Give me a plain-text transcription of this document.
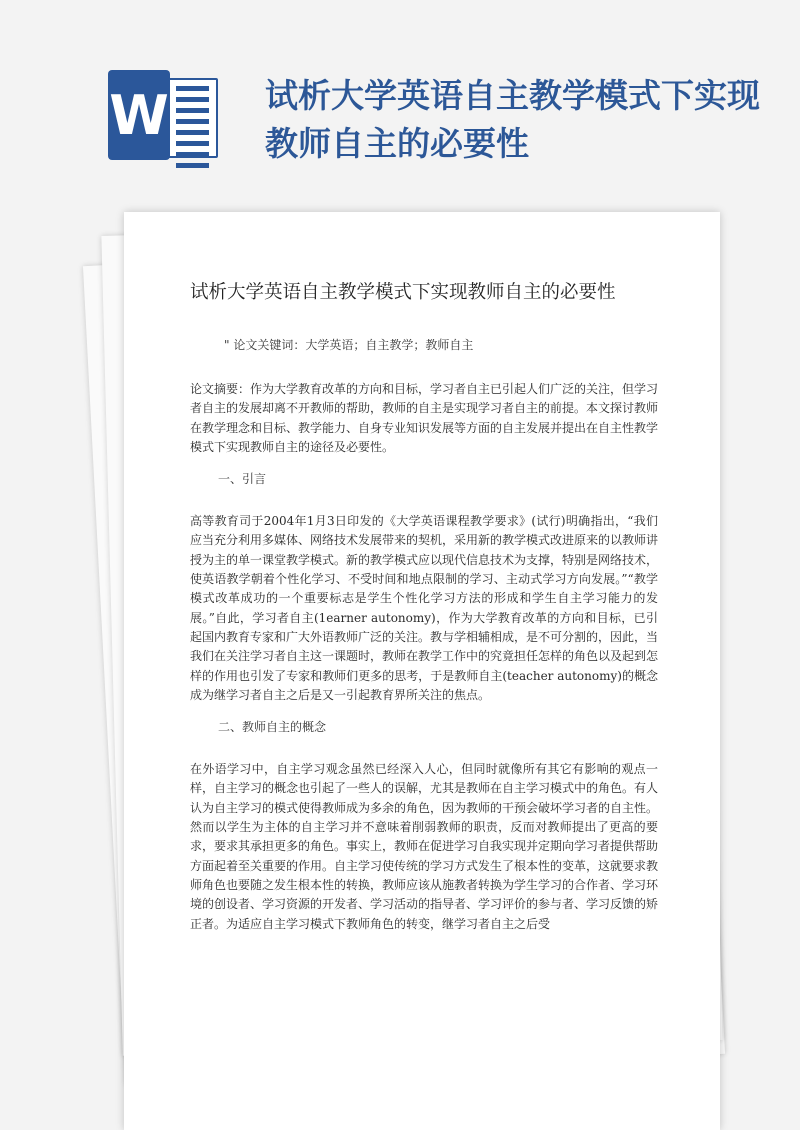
W	试析大学英语自主教学模式下实现教师自主的必要性
试析大学英语自主教学模式下实现教师自主的必要性

" 论文关键词：大学英语；自主教学；教师自主

论文摘要：作为大学教育改革的方向和目标，学习者自主已引起人们广泛的关注，但学习者自主的发展却离不开教师的帮助，教师的自主是实现学习者自主的前提。本文探讨教师在教学理念和目标、教学能力、自身专业知识发展等方面的自主发展并提出在自主性教学模式下实现教师自主的途径及必要性。

一、引言

高等教育司于2004年1月3日印发的《大学英语课程教学要求》(试行)明确指出，“我们应当充分利用多媒体、网络技术发展带来的契机，采用新的教学模式改进原来的以教师讲授为主的单一课堂教学模式。新的教学模式应以现代信息技术为支撑，特别是网络技术，使英语教学朝着个性化学习、不受时间和地点限制的学习、主动式学习方向发展。”“教学模式改革成功的一个重要标志是学生个性化学习方法的形成和学生自主学习能力的发展。”自此，学习者自主(1earner autonomy)，作为大学教育改革的方向和目标，已引起国内教育专家和广大外语教师广泛的关注。教与学相辅相成，是不可分割的，因此，当我们在关注学习者自主这一课题时，教师在教学工作中的究竟担任怎样的角色以及起到怎样的作用也引发了专家和教师们更多的思考，于是教师自主(teacher autonomy)的概念成为继学习者自主之后是又一引起教育界所关注的焦点。

二、教师自主的概念

在外语学习中，自主学习观念虽然已经深入人心，但同时就像所有其它有影响的观点一样，自主学习的概念也引起了一些人的误解，尤其是教师在自主学习模式中的角色。有人认为自主学习的模式使得教师成为多余的角色，因为教师的干预会破坏学习者的自主性。然而以学生为主体的自主学习并不意味着削弱教师的职责，反而对教师提出了更高的要求，要求其承担更多的角色。事实上，教师在促进学习自我实现并定期向学习者提供帮助方面起着至关重要的作用。自主学习使传统的学习方式发生了根本性的变革，这就要求教师角色也要随之发生根本性的转换，教师应该从施教者转换为学生学习的合作者、学习环境的创设者、学习资源的开发者、学习活动的指导者、学习评价的参与者、学习反馈的矫正者。为适应自主学习模式下教师角色的转变，继学习者自主之后受
